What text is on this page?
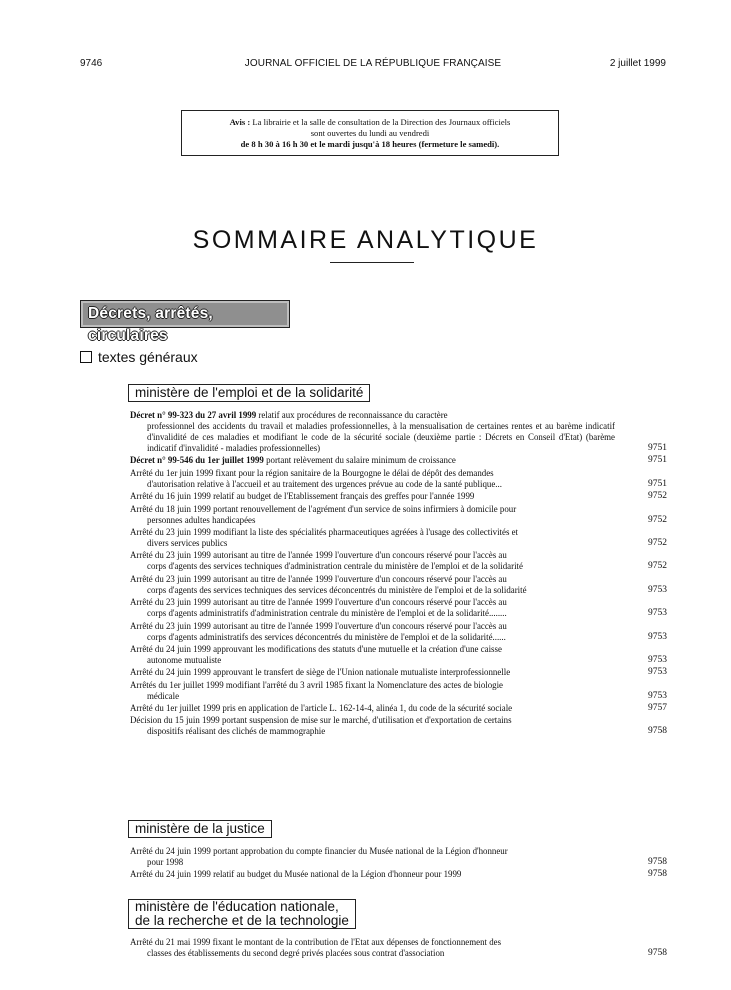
9746	JOURNAL OFFICIEL DE LA RÉPUBLIQUE FRANÇAISE	2 juillet 1999
Avis : La librairie et la salle de consultation de la Direction des Journaux officiels
sont ouvertes du lundi au vendredi
de 8 h 30 à 16 h 30 et le mardi jusqu'à 18 heures (fermeture le samedi).
SOMMAIRE ANALYTIQUE
Décrets, arrêtés, circulaires
textes généraux
ministère de l'emploi et de la solidarité
Décret n° 99-323 du 27 avril 1999 relatif aux procédures de reconnaissance du caractère
professionnel des accidents du travail et maladies professionnelles, à la mensualisation de certaines rentes et au barème indicatif d'invalidité de ces maladies et modifiant le code de la sécurité sociale (deuxième partie : Décrets en Conseil d'Etat) (barème indicatif d'invalidité - maladies professionnelles)	9751
Décret n° 99-546 du 1er juillet 1999 portant relèvement du salaire minimum de croissance	9751
Arrêté du 1er juin 1999 fixant pour la région sanitaire de la Bourgogne le délai de dépôt des demandes
d'autorisation relative à l'accueil et au traitement des urgences prévue au code de la santé publique...	9751
Arrêté du 16 juin 1999 relatif au budget de l'Etablissement français des greffes pour l'année 1999	9752
Arrêté du 18 juin 1999 portant renouvellement de l'agrément d'un service de soins infirmiers à domicile pour
personnes adultes handicapées	9752
Arrêté du 23 juin 1999 modifiant la liste des spécialités pharmaceutiques agréées à l'usage des collectivités et
divers services publics	9752
Arrêté du 23 juin 1999 autorisant au titre de l'année 1999 l'ouverture d'un concours réservé pour l'accès au
corps d'agents des services techniques d'administration centrale du ministère de l'emploi et de la solidarité	9752
Arrêté du 23 juin 1999 autorisant au titre de l'année 1999 l'ouverture d'un concours réservé pour l'accès au
corps d'agents des services techniques des services déconcentrés du ministère de l'emploi et de la solidarité	9753
Arrêté du 23 juin 1999 autorisant au titre de l'année 1999 l'ouverture d'un concours réservé pour l'accès au
corps d'agents administratifs d'administration centrale du ministère de l'emploi et de la solidarité........	9753
Arrêté du 23 juin 1999 autorisant au titre de l'année 1999 l'ouverture d'un concours réservé pour l'accès au
corps d'agents administratifs des services déconcentrés du ministère de l'emploi et de la solidarité......	9753
Arrêté du 24 juin 1999 approuvant les modifications des statuts d'une mutuelle et la création d'une caisse
autonome mutualiste	9753
Arrêté du 24 juin 1999 approuvant le transfert de siège de l'Union nationale mutualiste interprofessionnelle	9753
Arrêtés du 1er juillet 1999 modifiant l'arrêté du 3 avril 1985 fixant la Nomenclature des actes de biologie
médicale	9753
Arrêté du 1er juillet 1999 pris en application de l'article L. 162-14-4, alinéa 1, du code de la sécurité sociale	9757
Décision du 15 juin 1999 portant suspension de mise sur le marché, d'utilisation et d'exportation de certains
dispositifs réalisant des clichés de mammographie	9758
ministère de la justice
Arrêté du 24 juin 1999 portant approbation du compte financier du Musée national de la Légion d'honneur
pour 1998	9758
Arrêté du 24 juin 1999 relatif au budget du Musée national de la Légion d'honneur pour 1999	9758
ministère de l'éducation nationale,
de la recherche et de la technologie
Arrêté du 21 mai 1999 fixant le montant de la contribution de l'Etat aux dépenses de fonctionnement des
classes des établissements du second degré privés placées sous contrat d'association	9758
